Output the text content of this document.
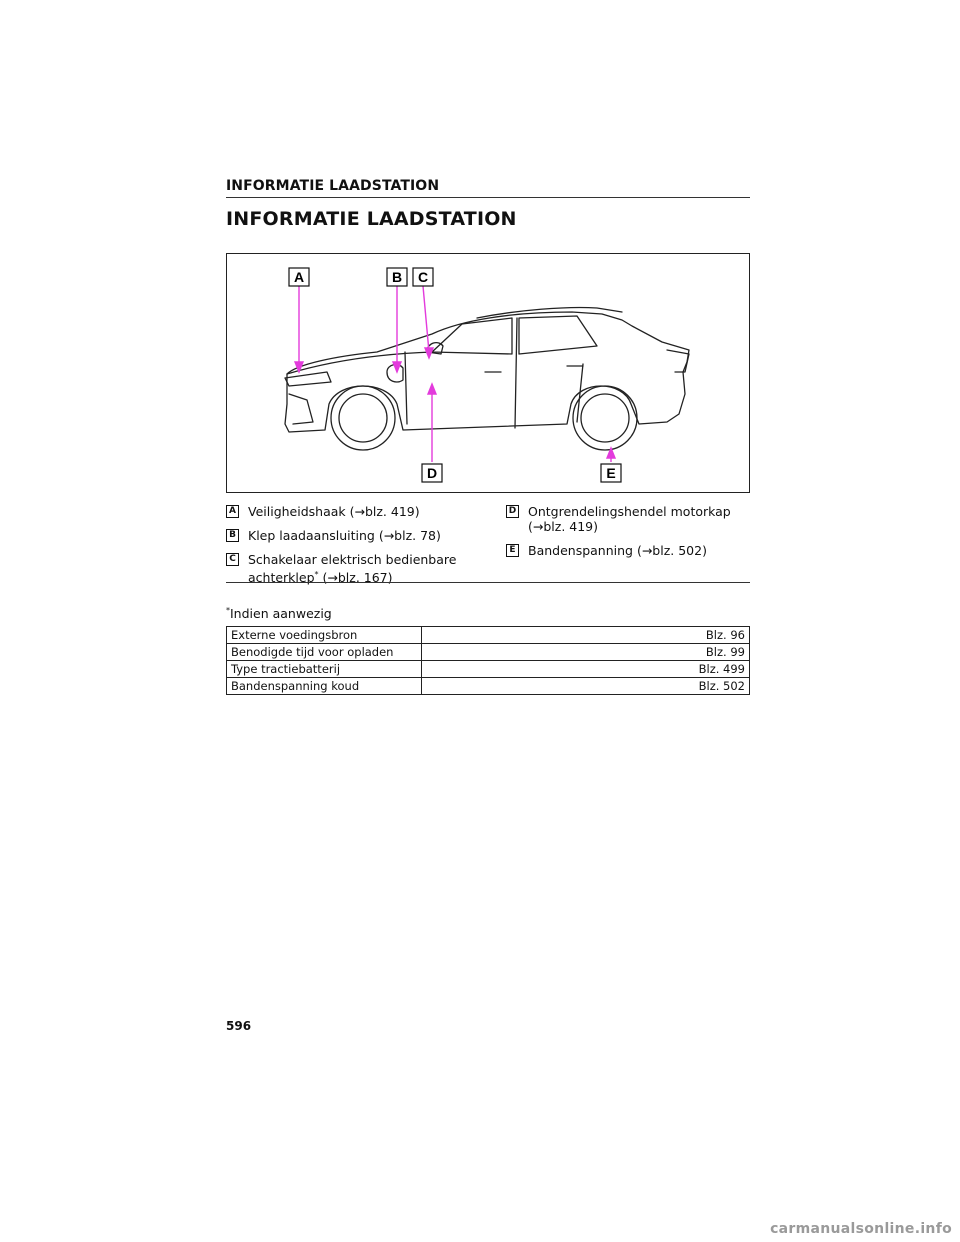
INFORMATIE LAADSTATION
INFORMATIE LAADSTATION
A	B C
D	E
A Veiligheidshaak (→blz. 419)
B Klep laadaansluiting (→blz. 78)
C Schakelaar elektrisch bedienbare
achterklep* (→blz. 167)
D Ontgrendelingshendel motorkap
(→blz. 419)
E Bandenspanning (→blz. 502)
*Indien aanwezig
Externe voedingsbron	Blz. 96
Benodigde tijd voor opladen	Blz. 99
Type tractiebatterij	Blz. 499
Bandenspanning koud	Blz. 502
596
carmanualsonline.info
